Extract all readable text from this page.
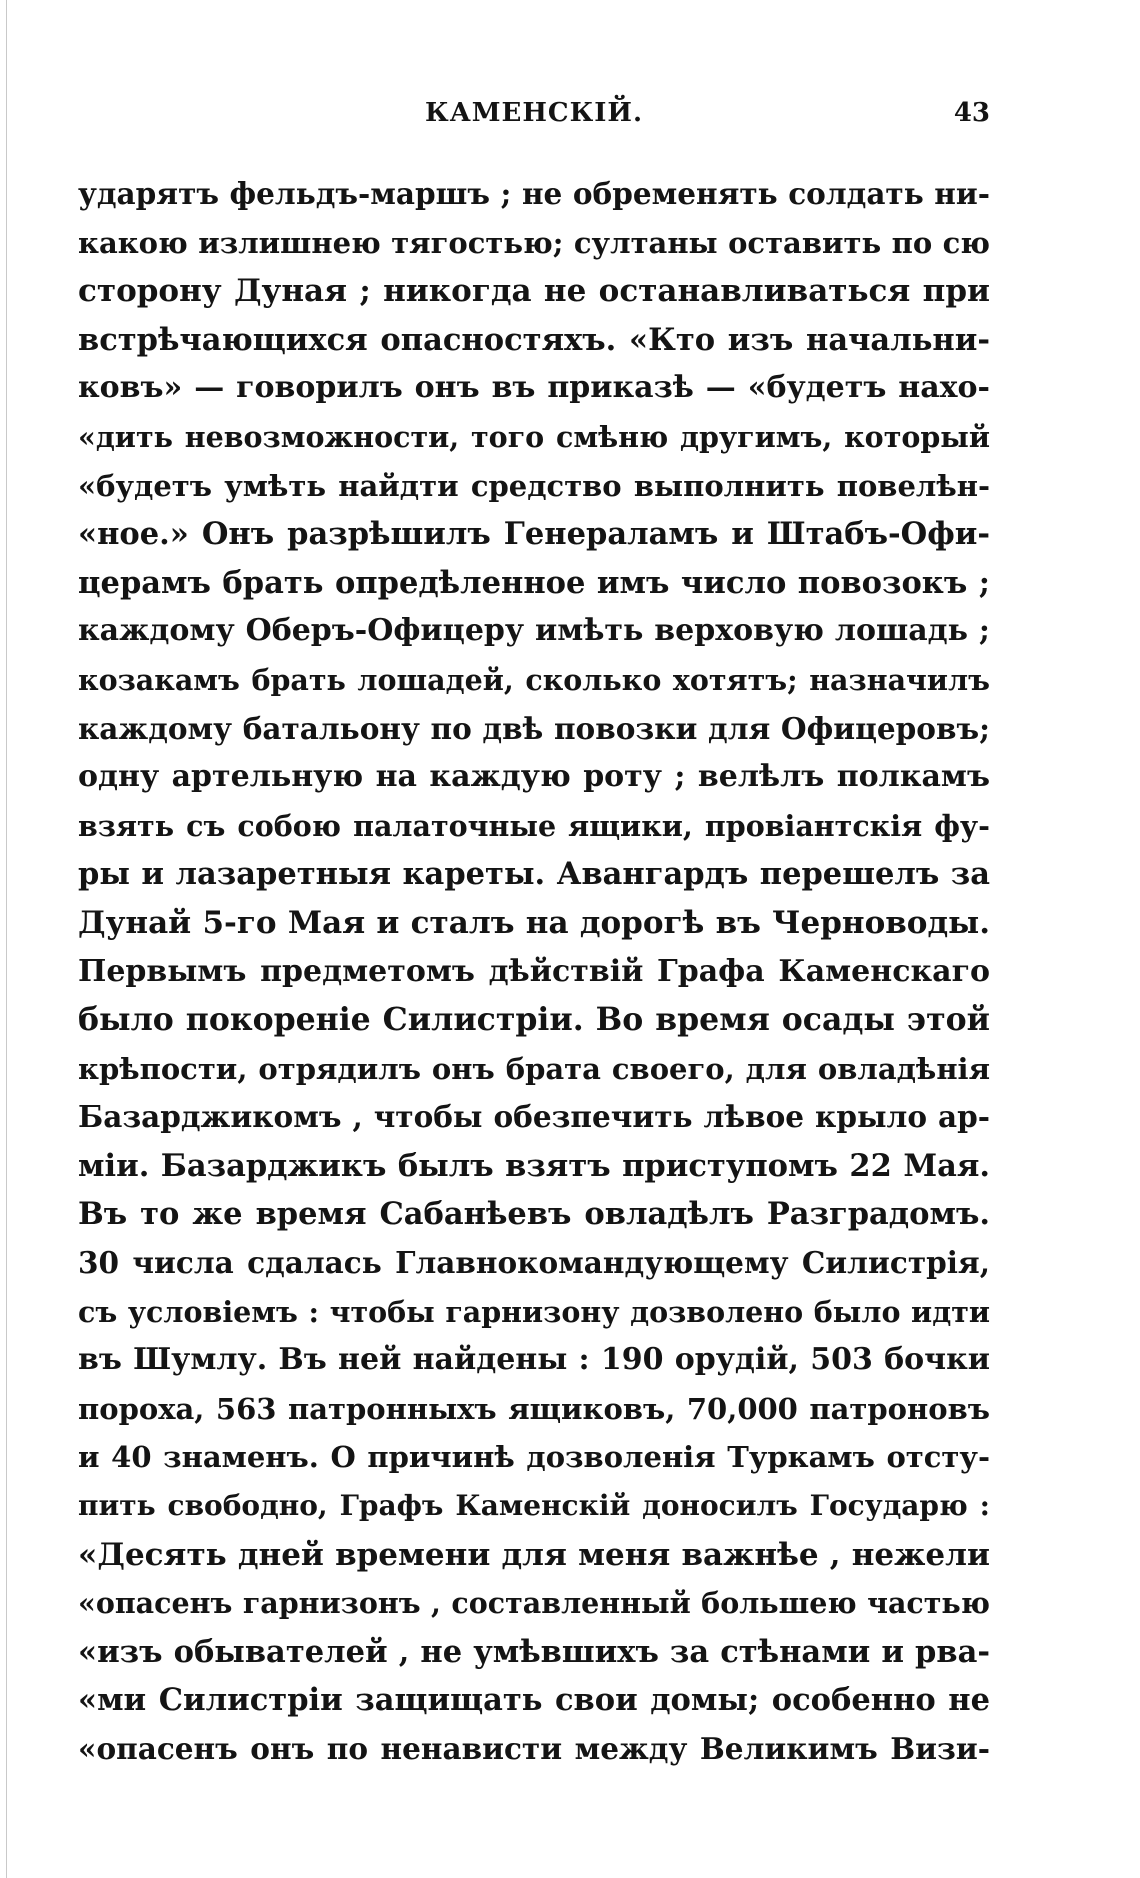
КАМЕНСКІЙ.	43
ударятъ фельдъ-маршъ ; не обременять солдать ни-
какою излишнею тягостью; султаны оставить по сю
сторону Дуная ; никогда не останавливаться при
встрѣчающихся опасностяхъ. «Кто изъ начальни-
ковъ» — говорилъ онъ въ приказѣ — «будетъ нахо-
«дить невозможности, того смѣню другимъ, который
«будетъ умѣть найдти средство выполнить повелѣн-
«ное.» Онъ разрѣшилъ Генераламъ и Штабъ-Офи-
церамъ брать опредѣленное имъ число повозокъ ;
каждому Оберъ-Офицеру имѣть верховую лошадь ;
козакамъ брать лошадей, сколько хотятъ; назначилъ
каждому батальону по двѣ повозки для Офицеровъ;
одну артельную на каждую роту ; велѣлъ полкамъ
взять съ собою палаточные ящики, провіантскія фу-
ры и лазаретныя кареты. Авангардъ перешелъ за
Дунай 5-го Мая и сталъ на дорогѣ въ Черноводы.
Первымъ предметомъ дѣйствій Графа Каменскаго
было покореніе Силистріи. Во время осады этой
крѣпости, отрядилъ онъ брата своего, для овладѣнія
Базарджикомъ , чтобы обезпечить лѣвое крыло ар-
міи. Базарджикъ былъ взятъ приступомъ 22 Мая.
Въ то же время Сабанѣевъ овладѣлъ Разградомъ.
30 числа сдалась Главнокомандующему Силистрія,
съ условіемъ : чтобы гарнизону дозволено было идти
въ Шумлу. Въ ней найдены : 190 орудій, 503 бочки
пороха, 563 патронныхъ ящиковъ, 70,000 патроновъ
и 40 знаменъ. О причинѣ дозволенія Туркамъ отсту-
пить свободно, Графъ Каменскій доносилъ Государю :
«Десять дней времени для меня важнѣе , нежели
«опасенъ гарнизонъ , составленный большею частью
«изъ обывателей , не умѣвшихъ за стѣнами и рва-
«ми Силистріи защищать свои домы; особенно не
«опасенъ онъ по ненависти между Великимъ Визи-
